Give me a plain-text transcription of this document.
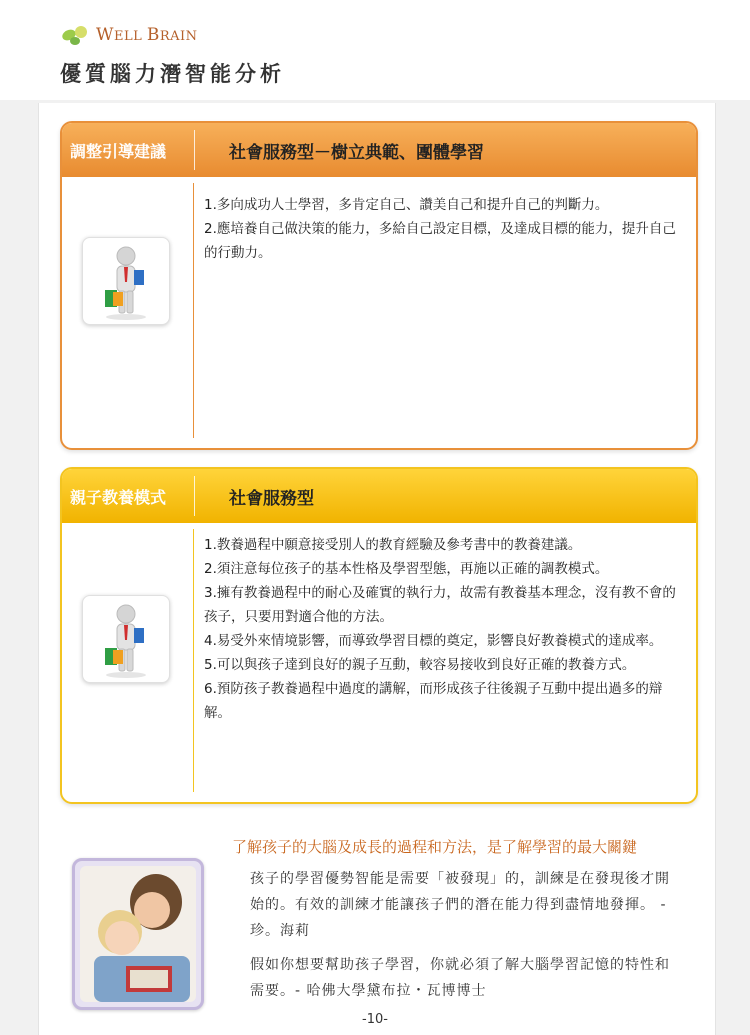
WELL BRAIN
優質腦力潛智能分析
調整引導建議	社會服務型－樹立典範、團體學習

1.多向成功人士學習，多肯定自己、讚美自己和提升自己的判斷力。

2.應培養自己做決策的能力，多給自己設定目標，及達成目標的能力，提升自己的行動力。

親子教養模式	社會服務型

1.教養過程中願意接受別人的教育經驗及參考書中的教養建議。

2.須注意每位孩子的基本性格及學習型態，再施以正確的調教模式。

3.擁有教養過程中的耐心及確實的執行力，故需有教養基本理念，沒有教不會的孩子，只要用對適合他的方法。

4.易受外來情境影響，而導致學習目標的奠定，影響良好教養模式的達成率。

5.可以與孩子達到良好的親子互動，較容易接收到良好正確的教養方式。

6.預防孩子教養過程中過度的講解，而形成孩子往後親子互動中提出過多的辯解。

了解孩子的大腦及成長的過程和方法，是了解學習的最大關鍵

孩子的學習優勢智能是需要「被發現」的，訓練是在發現後才開始的。有效的訓練才能讓孩子們的潛在能力得到盡情地發揮。 -珍。海莉

假如你想要幫助孩子學習，你就必須了解大腦學習記憶的特性和需要。- 哈佛大學黛布拉・瓦博博士

-10-
